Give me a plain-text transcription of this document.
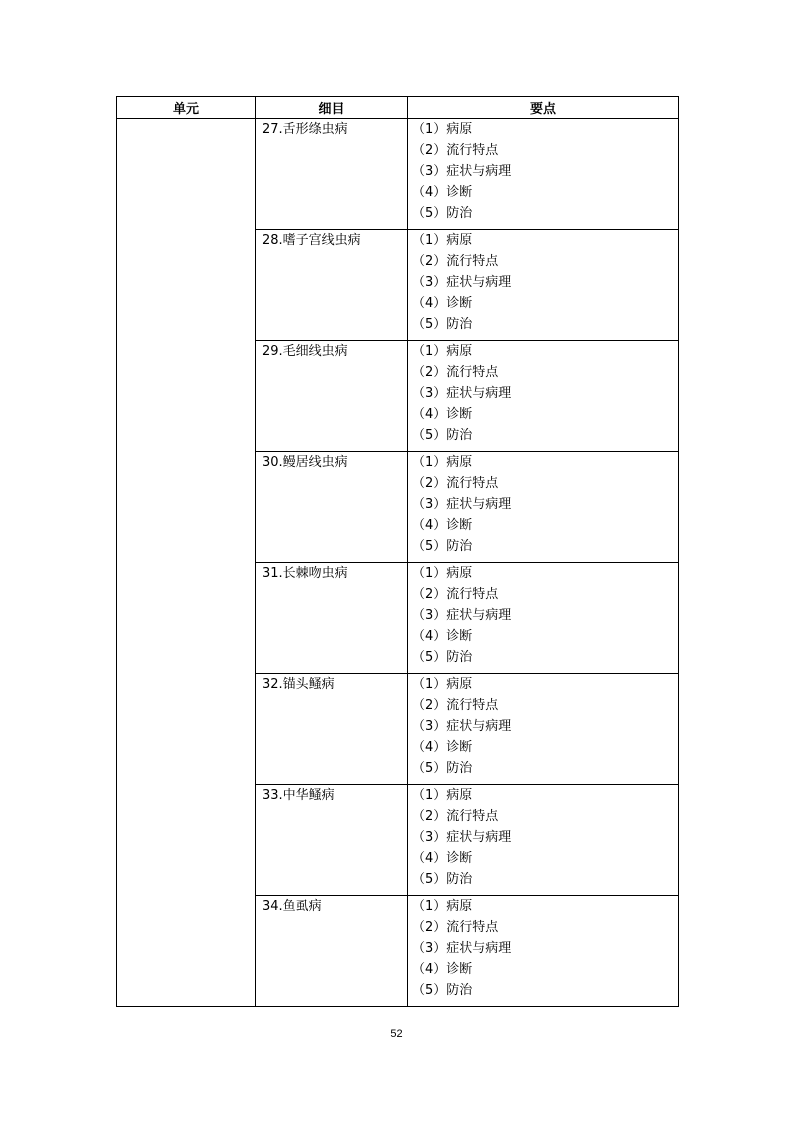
单元	细目	要点

	27.舌形绦虫病	（1）病原
（2）流行特点
（3）症状与病理
（4）诊断
（5）防治

	28.嗜子宫线虫病	（1）病原
（2）流行特点
（3）症状与病理
（4）诊断
（5）防治

	29.毛细线虫病	（1）病原
（2）流行特点
（3）症状与病理
（4）诊断
（5）防治

	30.鳗居线虫病	（1）病原
（2）流行特点
（3）症状与病理
（4）诊断
（5）防治

	31.长棘吻虫病	（1）病原
（2）流行特点
（3）症状与病理
（4）诊断
（5）防治

	32.锚头鳋病	（1）病原
（2）流行特点
（3）症状与病理
（4）诊断
（5）防治

	33.中华鳋病	（1）病原
（2）流行特点
（3）症状与病理
（4）诊断
（5）防治

	34.鱼虱病	（1）病原
（2）流行特点
（3）症状与病理
（4）诊断
（5）防治
52
